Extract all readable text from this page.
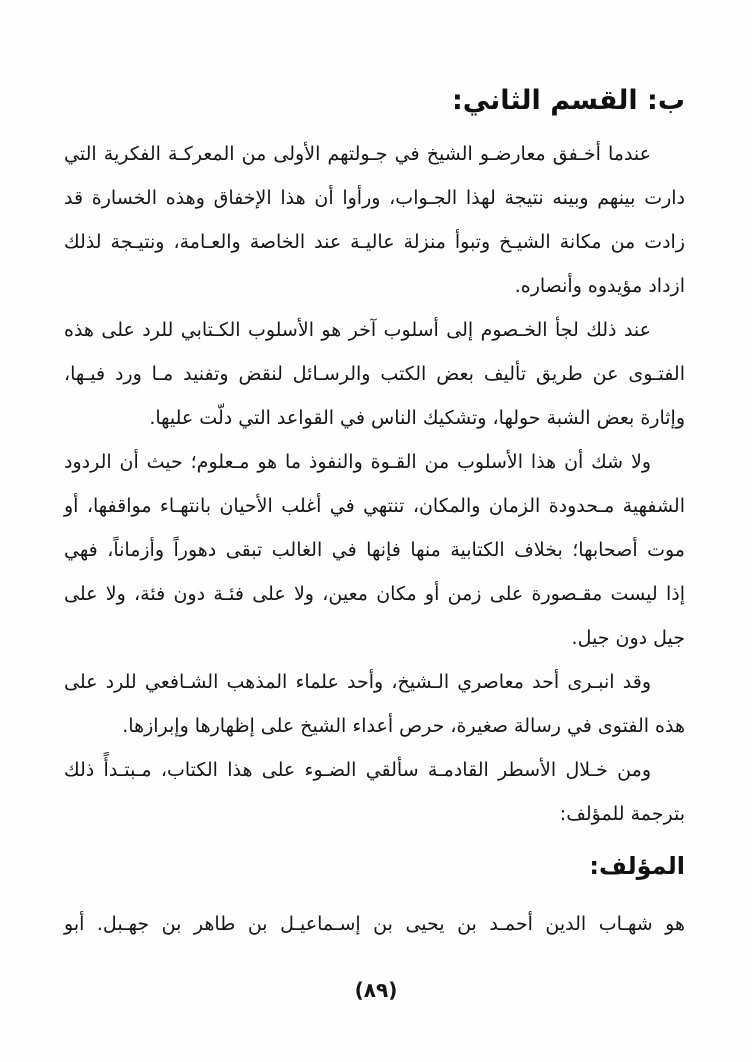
ب: القسم الثاني:

عندما أخـفق معارضـو الشيخ في جـولتهم الأولى من المعركـة الفكرية التي
دارت بينهم وبينه نتيجة لهذا الجـواب، ورأوا أن هذا الإخفاق وهذه الخسارة قد
زادت من مكانة الشيـخ وتبوأ منزلة عاليـة عند الخاصة والعـامة، ونتيـجة لذلك
ازداد مؤيدوه وأنصاره.

عند ذلك لجأ الخـصوم إلى أسلوب آخر هو الأسلوب الكـتابي للرد على هذه
الفتـوى عن طريق تأليف بعض الكتب والرسـائل لنقض وتفنيد مـا ورد فيـها،
وإثارة بعض الشبة حولها، وتشكيك الناس في القواعد التي دلّت عليها.

ولا شك أن هذا الأسلوب من القـوة والنفوذ ما هو مـعلوم؛ حيث أن الردود
الشفهية مـحدودة الزمان والمكان، تنتهي في أغلب الأحيان بانتهـاء مواقفها، أو
موت أصحابها؛ بخلاف الكتابية منها فإنها في الغالب تبقى دهوراً وأزماناً، فهي
إذا ليست مقـصورة على زمن أو مكان معين، ولا على فئـة دون فئة، ولا على
جيل دون جيل.

وقد انبـرى أحد معاصري الـشيخ، وأحد علماء المذهب الشـافعي للرد على
هذه الفتوى في رسالة صغيرة، حرص أعداء الشيخ على إظهارها وإبرازها.

ومن خـلال الأسطر القادمـة سألقي الضـوء على هذا الكتاب، مـبتـدأً ذلك
بترجمة للمؤلف:

المؤلف:

هو شهـاب الدين أحمـد بن يحيى بن إسـماعيـل بن طاهر بن جهـبل. أبو

(٨٩)
